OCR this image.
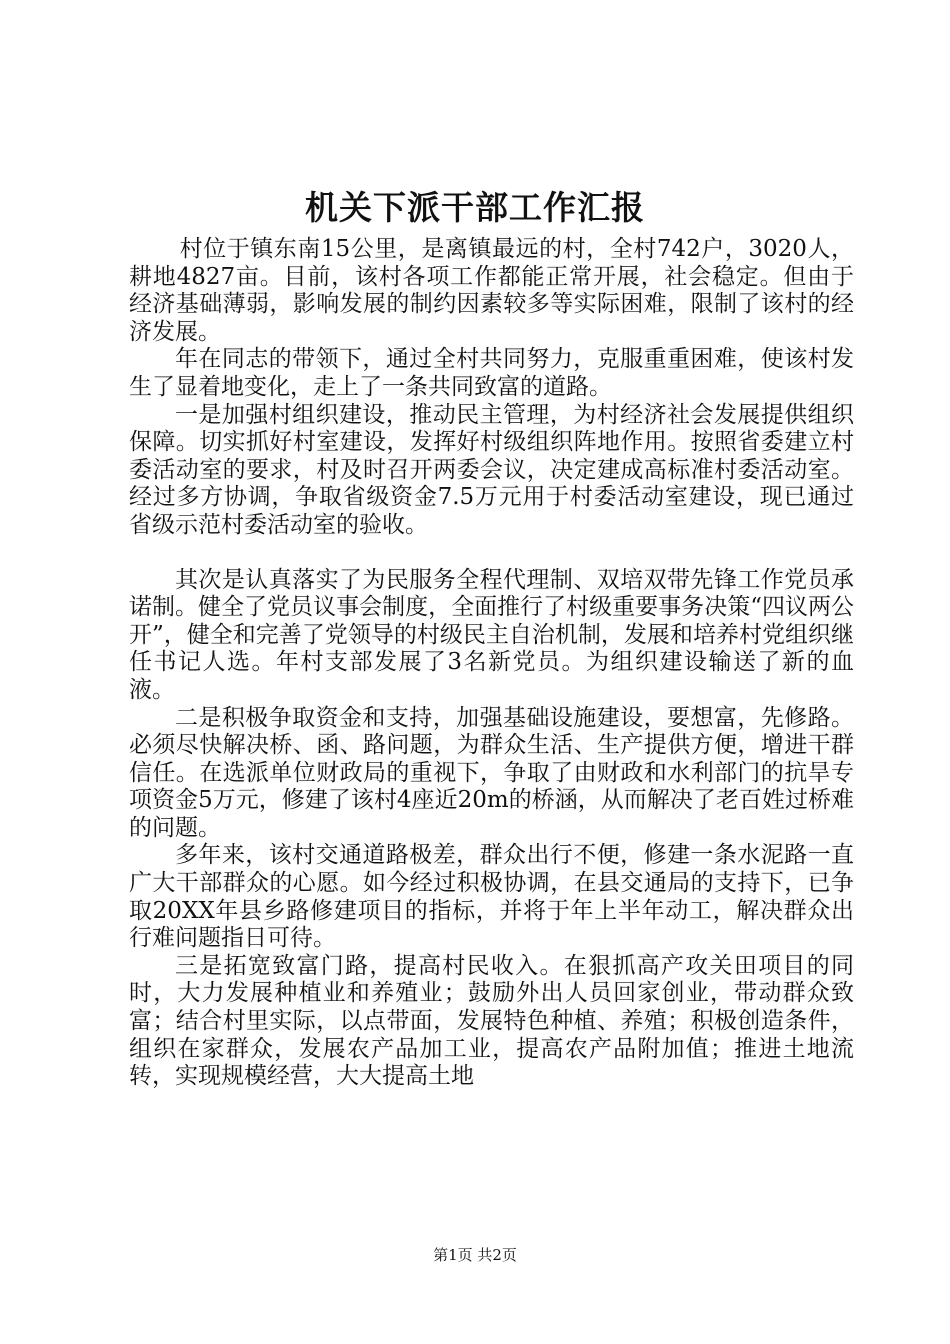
机关下派干部工作汇报

村位于镇东南15公里，是离镇最远的村，全村742户，3020人，耕地4827亩。目前，该村各项工作都能正常开展，社会稳定。但由于经济基础薄弱，影响发展的制约因素较多等实际困难，限制了该村的经济发展。

年在同志的带领下，通过全村共同努力，克服重重困难，使该村发生了显着地变化，走上了一条共同致富的道路。

一是加强村组织建设，推动民主管理，为村经济社会发展提供组织保障。切实抓好村室建设，发挥好村级组织阵地作用。按照省委建立村委活动室的要求，村及时召开两委会议，决定建成高标准村委活动室。经过多方协调，争取省级资金7.5万元用于村委活动室建设，现已通过省级示范村委活动室的验收。

其次是认真落实了为民服务全程代理制、双培双带先锋工作党员承诺制。健全了党员议事会制度，全面推行了村级重要事务决策“四议两公开”，健全和完善了党领导的村级民主自治机制，发展和培养村党组织继任书记人选。年村支部发展了3名新党员。为组织建设输送了新的血液。

二是积极争取资金和支持，加强基础设施建设，要想富，先修路。必须尽快解决桥、函、路问题，为群众生活、生产提供方便，增进干群信任。在选派单位财政局的重视下，争取了由财政和水利部门的抗旱专项资金5万元，修建了该村4座近20m的桥涵，从而解决了老百姓过桥难的问题。

多年来，该村交通道路极差，群众出行不便，修建一条水泥路一直广大干部群众的心愿。如今经过积极协调，在县交通局的支持下，已争取20XX年县乡路修建项目的指标，并将于年上半年动工，解决群众出行难问题指日可待。

三是拓宽致富门路，提高村民收入。在狠抓高产攻关田项目的同时，大力发展种植业和养殖业；鼓励外出人员回家创业，带动群众致富；结合村里实际，以点带面，发展特色种植、养殖；积极创造条件，组织在家群众，发展农产品加工业，提高农产品附加值；推进土地流转，实现规模经营，大大提高土地

第1页 共2页
